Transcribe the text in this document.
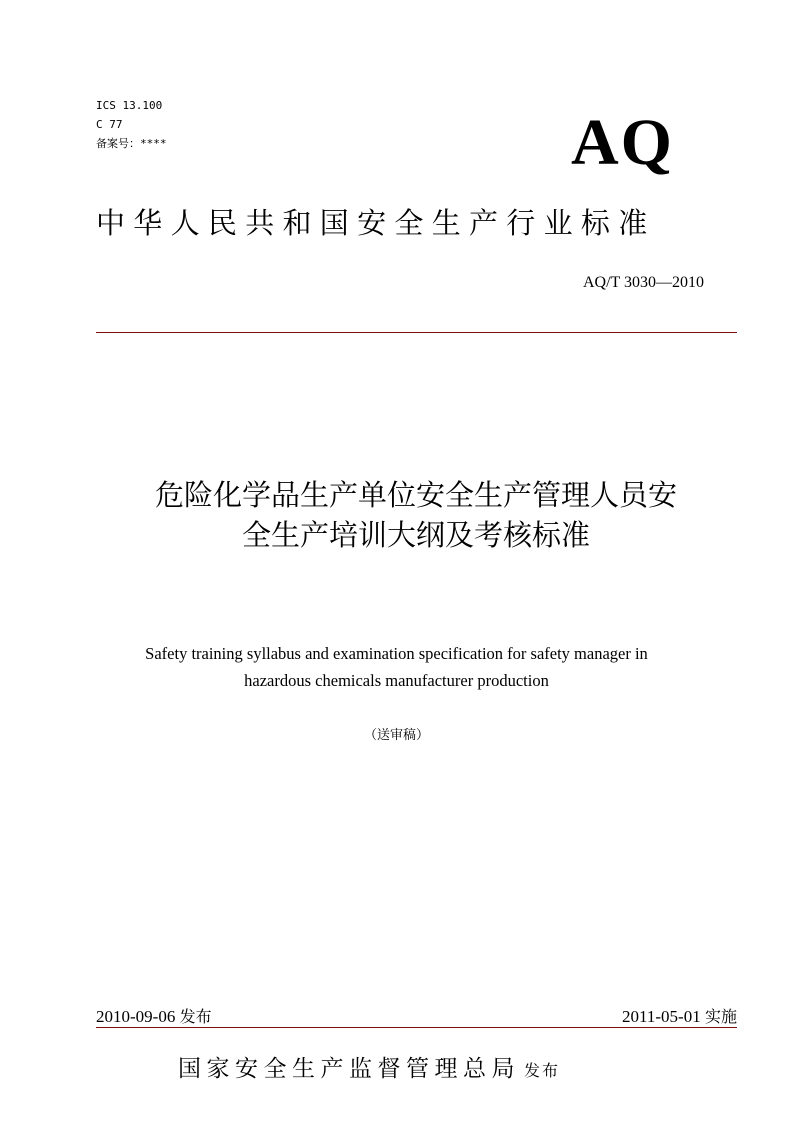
ICS 13.100
C 77
备案号：****	AQ
中华人民共和国安全生产行业标准
AQ/T 3030—2010
危险化学品生产单位安全生产管理人员安
全生产培训大纲及考核标准
Safety training syllabus and examination specification for safety manager in
hazardous chemicals manufacturer production
（送审稿）
2010-09-06 发布	2011-05-01 实施
国家安全生产监督管理总局 发布
